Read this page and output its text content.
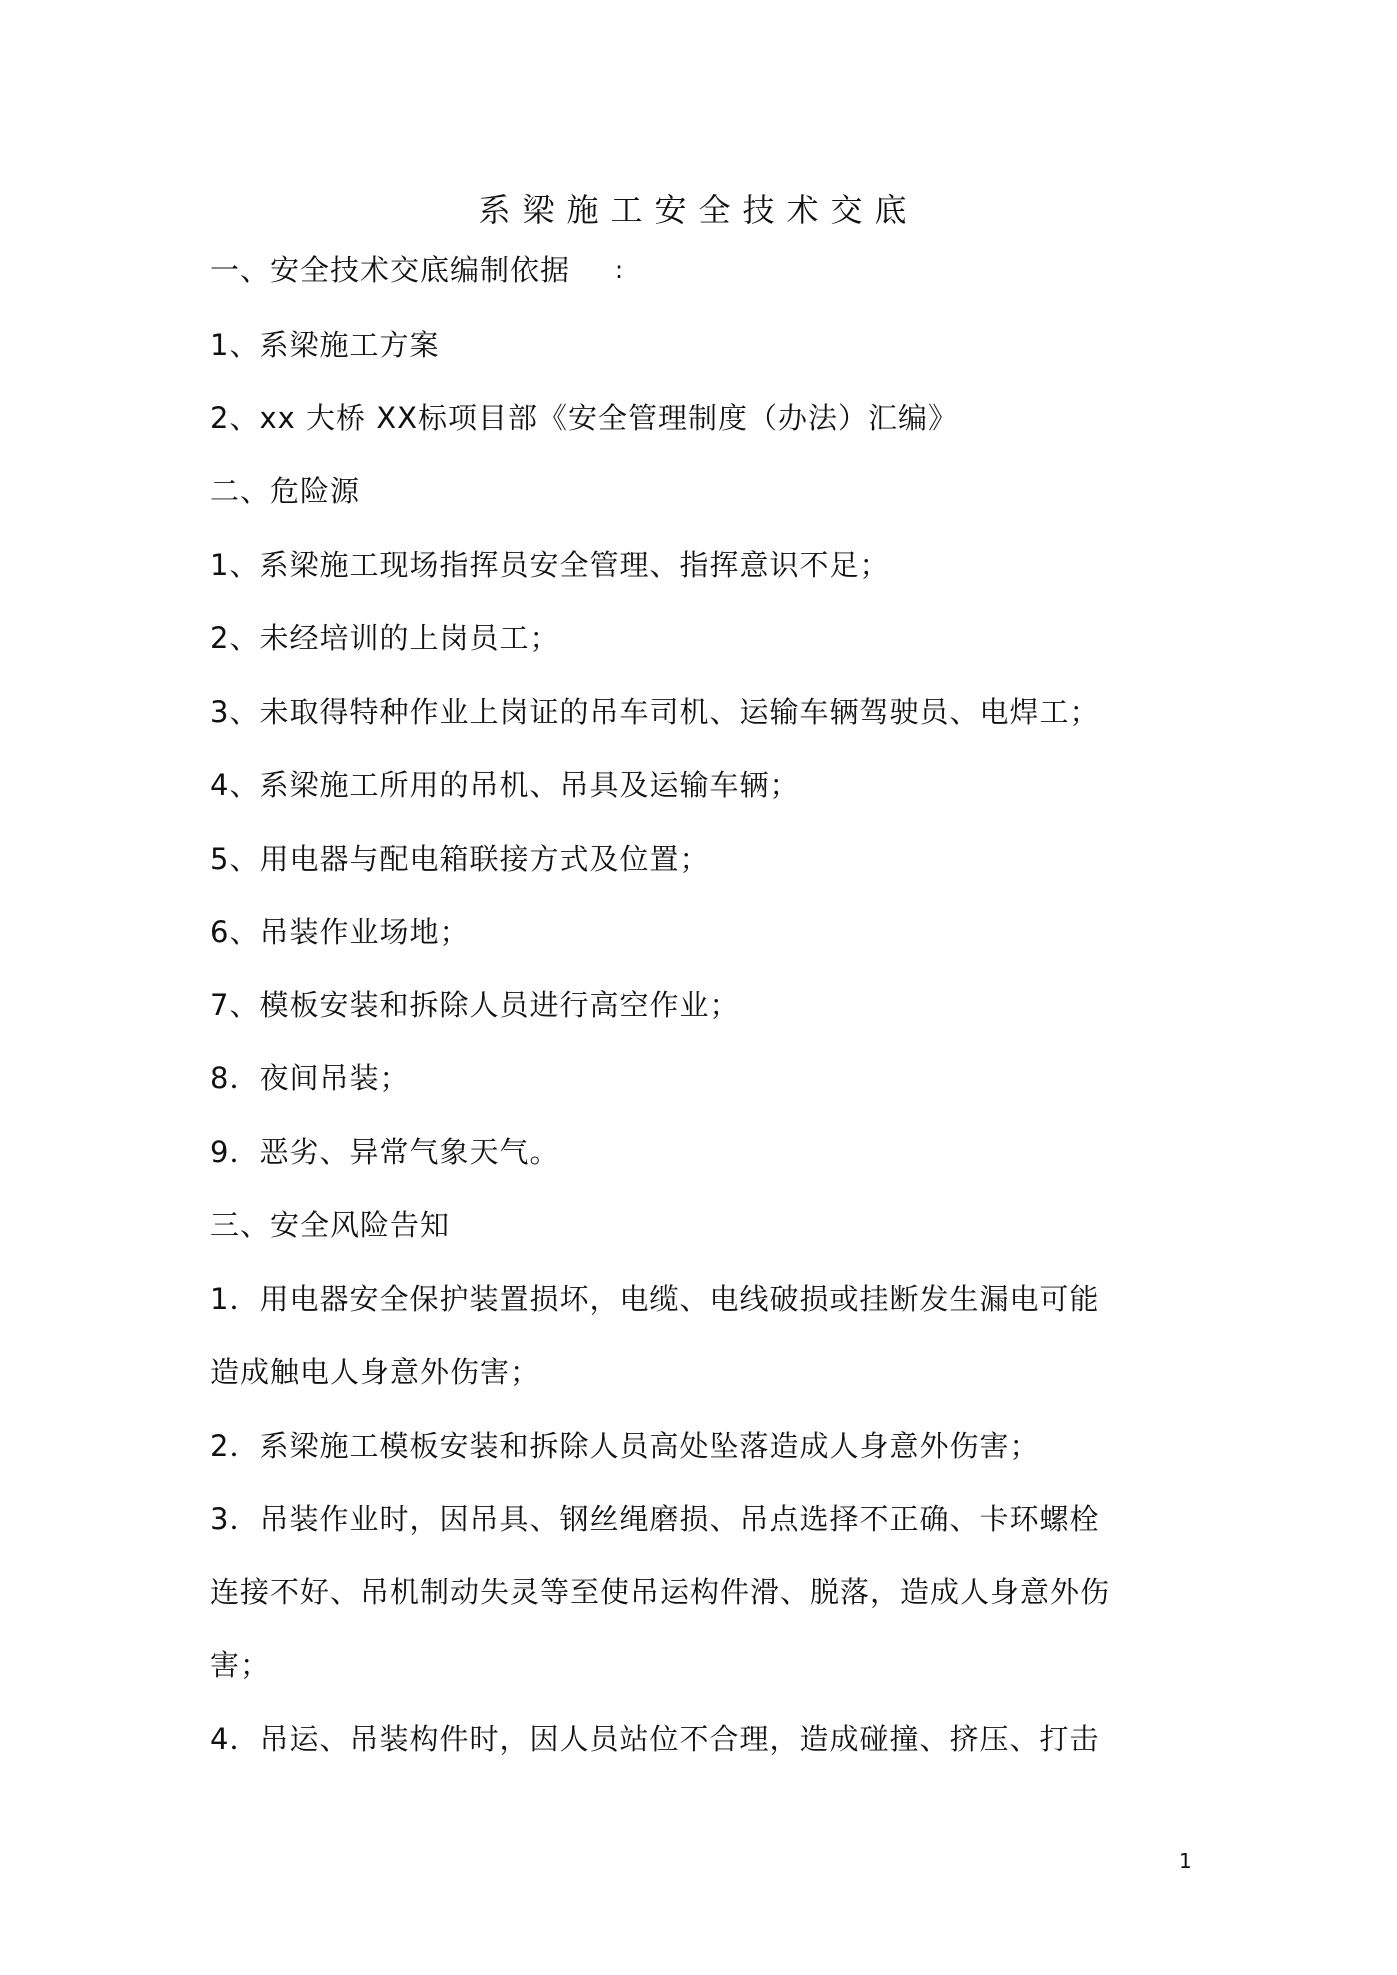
系梁施工安全技术交底
一、安全技术交底编制依据 :
1、系梁施工方案
2、xx 大桥 XX标项目部《安全管理制度（办法）汇编》
二、危险源
1、系梁施工现场指挥员安全管理、指挥意识不足；
2、未经培训的上岗员工；
3、未取得特种作业上岗证的吊车司机、运输车辆驾驶员、电焊工；
4、系梁施工所用的吊机、吊具及运输车辆；
5、用电器与配电箱联接方式及位置；
6、吊装作业场地；
7、模板安装和拆除人员进行高空作业；
8．夜间吊装；
9．恶劣、异常气象天气。
三、安全风险告知
1．用电器安全保护装置损坏，电缆、电线破损或挂断发生漏电可能
造成触电人身意外伤害；
2．系梁施工模板安装和拆除人员高处坠落造成人身意外伤害；
3．吊装作业时，因吊具、钢丝绳磨损、吊点选择不正确、卡环螺栓
连接不好、吊机制动失灵等至使吊运构件滑、脱落，造成人身意外伤
害；
4．吊运、吊装构件时，因人员站位不合理，造成碰撞、挤压、打击
1
